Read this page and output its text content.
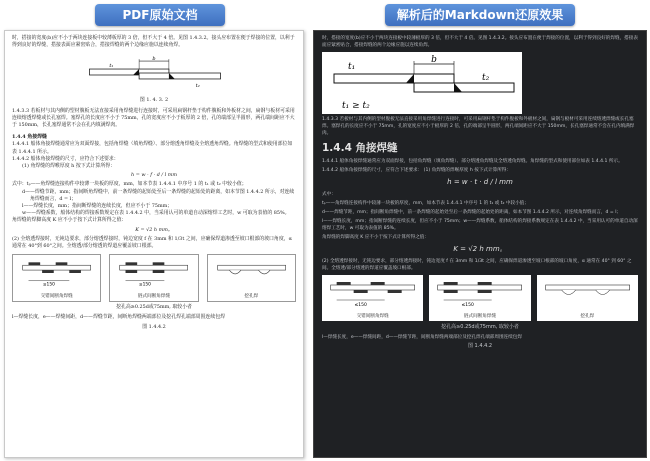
PDF原始文档	解析后的Markdown还原效果

时，搭接的宽度(b)应不小于两块连接板中较薄板厚的 3 倍，但不大于 4 倍。见图 1.4.3.2。接头应布置在便于焊接的位置，以利于得到良好的焊缝，搭接表面应紧密贴合，搭接焊缝的两个边缘应施以连续角焊。

b
t₁
t₂

图 1. 4. 3. 2

1.4.3.3 若板材与其内侧的型材腹板无法直接采用角焊缝进行连接时，可采用扁钢杆垫于构件腹板和外板材之间，扁钢与板材可采用连续熔透焊缝或长孔塞焊。塞焊孔的长度应不小于 75mm，孔的宽度应不小于板厚的 2 倍，孔的端部呈半圆形，两孔端间距应不大于 150mm，长孔塞焊通常不会在孔内填满焊肉。

1.4.4 角接焊缝

1.4.4.1 船体角接焊缝通常应为双面焊接，包括角焊缝（填角焊缝）、部分熔透角焊缝及全熔透角焊缝。角焊缝的型式和使用部位如表 1.4.4.1 所示。

1.4.4.2 船体角接焊缝的尺寸，应符合下述要求：

(1) 角焊缝的焊喉厚度 h 按下式计算所得：

h = w · f · d / l mm

式中：tₚ——角焊缝连接构件中较薄一块板的厚度，mm，如本节表 1.4.4.1 中序号 1 的 t₁ 或 t₂ 中较小值；

d——焊缝节距，mm；指间断角焊缝中，前一条焊缝的起始处至后一条焊缝的起始处的距离，如本节图 1.4.4.2 所示，对连续角焊缝而言，d = l；

l——焊缝长度，mm；指间断焊缝的连续长度，但应不小于 75mm；

w——焊缝系数，船体结构的焊接系数规定在表 1.4.4.2 中，当采用认可的单道自动深熔焊工艺时，w 可取为表值的 85%。

角焊缝的焊脚高度 K 应不小于按下式计算所得之值：

K = √2 h mm。

(2) 全熔透焊接时，无钝边要求，部分熔透焊接时，钝边宽度 f 在 3mm 和 1/3t 之间，应确保焊道渗透至坡口根部的坡口角度，α 通常在 40°到 60°之间。全熔透/部分熔透的焊道应覆盖坡口根部。

≤150
交错间断角焊缝
≤150
链式间断角焊缝	挖孔焊

挖孔高≥0.25d或75mm, 取较小者

l—焊缝长度，e——焊缝间距，d——焊缝节距，间断角焊缝两端部位及挖孔焊孔端部周围连续包焊

图 1.4.4.2

时，搭接的宽度(b)应不小于两块连接板中较薄板厚的 3 倍，但不大于 4 倍。见图 1.4.3.2。接头应布置在便于焊接的位置，以利于得到良好的焊缝，搭接表面应紧密贴合，搭接焊缝的两个边缘应施以连续角焊。

b
t₁
t₂
t₁ ≥ t₂

1.4.3.3 若板材与其内侧的型材腹板无法直接采用角焊缝进行连接时，可采用扁钢杆垫于构件腹板和外板材之间，扁钢与板材可采用连续熔透焊缝或长孔塞焊。塞焊孔的长度应不小于 75mm，孔的宽度应不小于板厚的 2 倍，孔的端部呈半圆形，两孔端间距应不大于 150mm，长孔塞焊通常不会在孔内填满焊肉。

1.4.4 角接焊缝

1.4.4.1 船体角接焊缝通常应为双面焊接，包括角焊缝（填角焊缝）、部分熔透角焊缝及全熔透角焊缝。角焊缝的型式和使用部位如表 1.4.4.1 所示。

1.4.4.2 船体角接焊缝的尺寸，应符合下述要求： (1) 角焊缝的焊喉厚度 h 按下式计算所得：

h = w · t · d / l mm

式中：

tₚ——角焊缝连接构件中较薄一块板的厚度，mm，如本节表 1.4.4.1 中序号 1 的 t₁ 或 t₂ 中较小值；

d——焊缝节距，mm；指间断角焊缝中，前一条焊缝的起始处至后一条焊缝的起始处的距离，如本节图 1.4.4.2 所示，对连续角焊缝而言，d = l；

l——焊缝长度，mm；指间断焊缝的连续长度，但应不小于 75mm；w——焊缝系数，船体结构的焊接系数规定在表 1.4.4.2 中，当采用认可的单道自动深熔焊工艺时，w 可取为表值的 85%。

角焊缝的焊脚高度 K 应不小于按下式计算所得之值：

K = √2 h mm。

(2) 全熔透焊接时，无钝边要求，部分熔透焊接时，钝边宽度 f 在 3mm 和 1/3t 之间，应确保焊道渗透至坡口根部的坡口角度，α 通常在 40° 到 60° 之间。全熔透/部分熔透的焊道应覆盖坡口根部。

≤150
交错间断角焊缝
≤150
链式间断角焊缝	挖孔焊

挖孔高≥0.25d或75mm, 取较小者

l—焊缝长度，e——焊缝间距，d——焊缝节距，间断角焊缝两端部位及挖孔焊孔端部周围连续包焊

图 1.4.4.2
